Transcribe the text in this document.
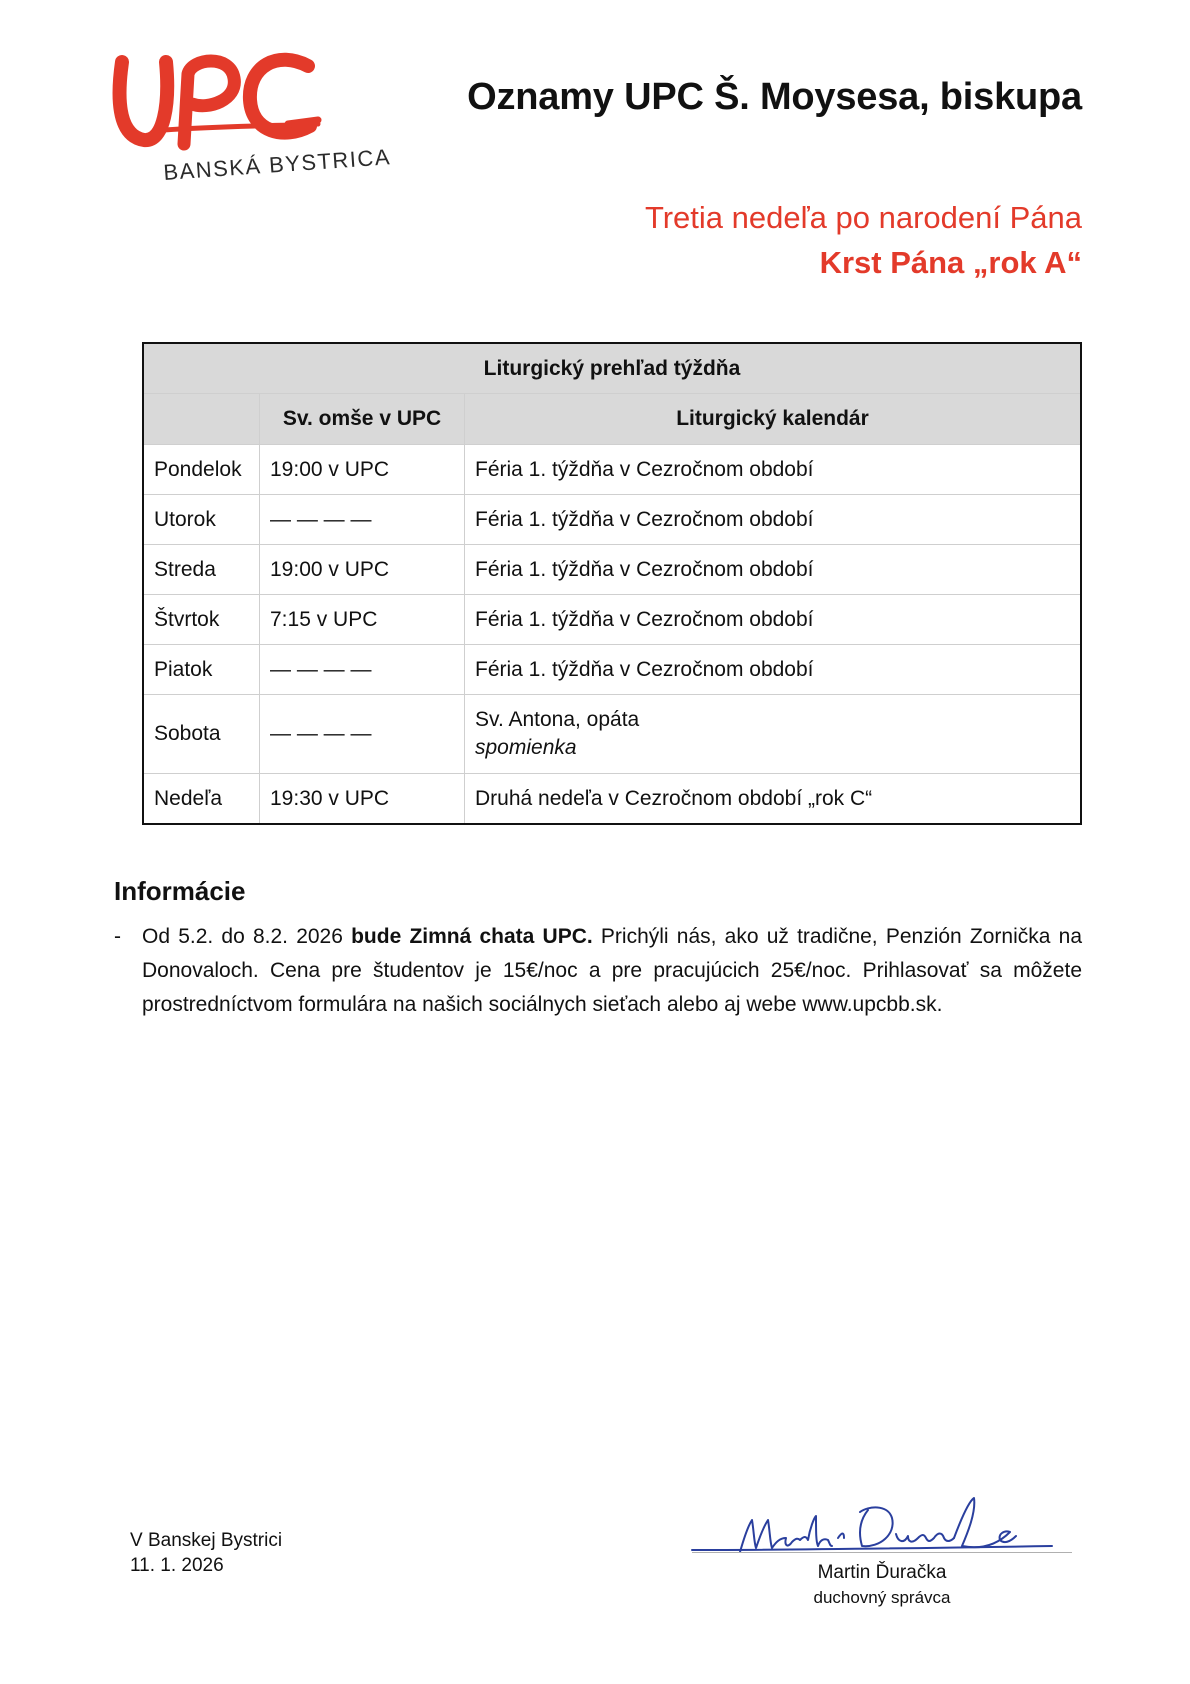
BANSKÁ BYSTRICA
Oznamy UPC Š. Moysesa, biskupa
Tretia nedeľa po narodení Pána
Krst Pána „rok A“
Liturgický prehľad týždňa		
	Sv. omše v UPC	Liturgický kalendár
Pondelok	19:00 v UPC	Féria 1. týždňa v Cezročnom období
Utorok	— — — —	Féria 1. týždňa v Cezročnom období
Streda	19:00 v UPC	Féria 1. týždňa v Cezročnom období
Štvrtok	7:15 v UPC	Féria 1. týždňa v Cezročnom období
Piatok	— — — —	Féria 1. týždňa v Cezročnom období
Sobota	— — — —	Sv. Antona, opáta
spomienka

Nedeľa	19:30 v UPC	Druhá nedeľa v Cezročnom období „rok C“
Informácie
- Od 5.2. do 8.2. 2026 bude Zimná chata UPC. Prichýli nás, ako už tradične, Penzión Zornička na Donovaloch. Cena pre študentov je 15€/noc a pre pracujúcich 25€/noc. Prihlasovať sa môžete prostredníctvom formulára na našich sociálnych sieťach alebo aj webe www.upcbb.sk.
V Banskej Bystrici
11. 1. 2026	Martin Ďuračka
duchovný správca
